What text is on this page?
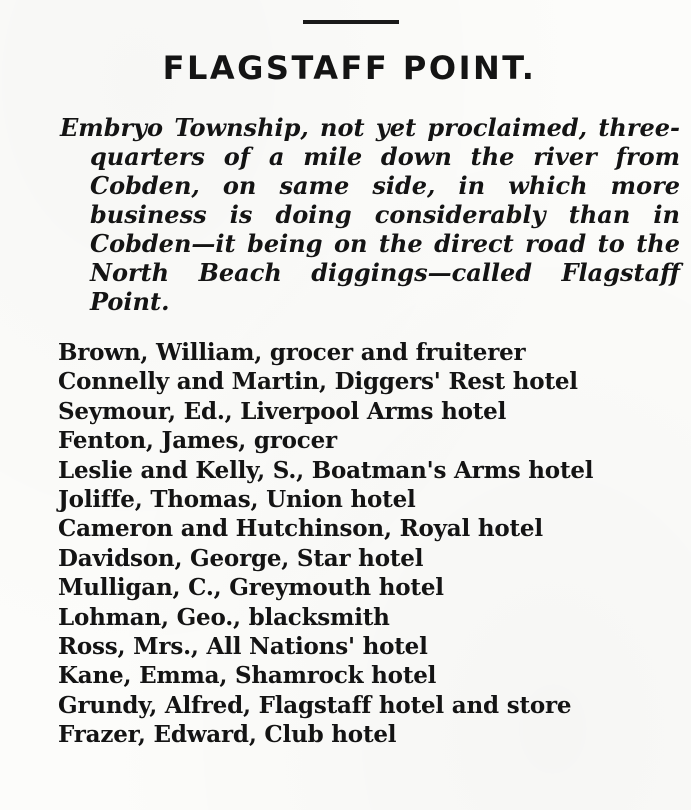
FLAGSTAFF POINT.

Embryo Township, not yet proclaimed, three-quarters of a mile down the river from Cobden, on same side, in which more business is doing considerably than in Cobden—it being on the direct road to the North Beach diggings—called Flagstaff Point.

Brown, William, grocer and fruiterer
Connelly and Martin, Diggers' Rest hotel
Seymour, Ed., Liverpool Arms hotel
Fenton, James, grocer
Leslie and Kelly, S., Boatman's Arms hotel
Joliffe, Thomas, Union hotel
Cameron and Hutchinson, Royal hotel
Davidson, George, Star hotel
Mulligan, C., Greymouth hotel
Lohman, Geo., blacksmith
Ross, Mrs., All Nations' hotel
Kane, Emma, Shamrock hotel
Grundy, Alfred, Flagstaff hotel and store
Frazer, Edward, Club hotel
